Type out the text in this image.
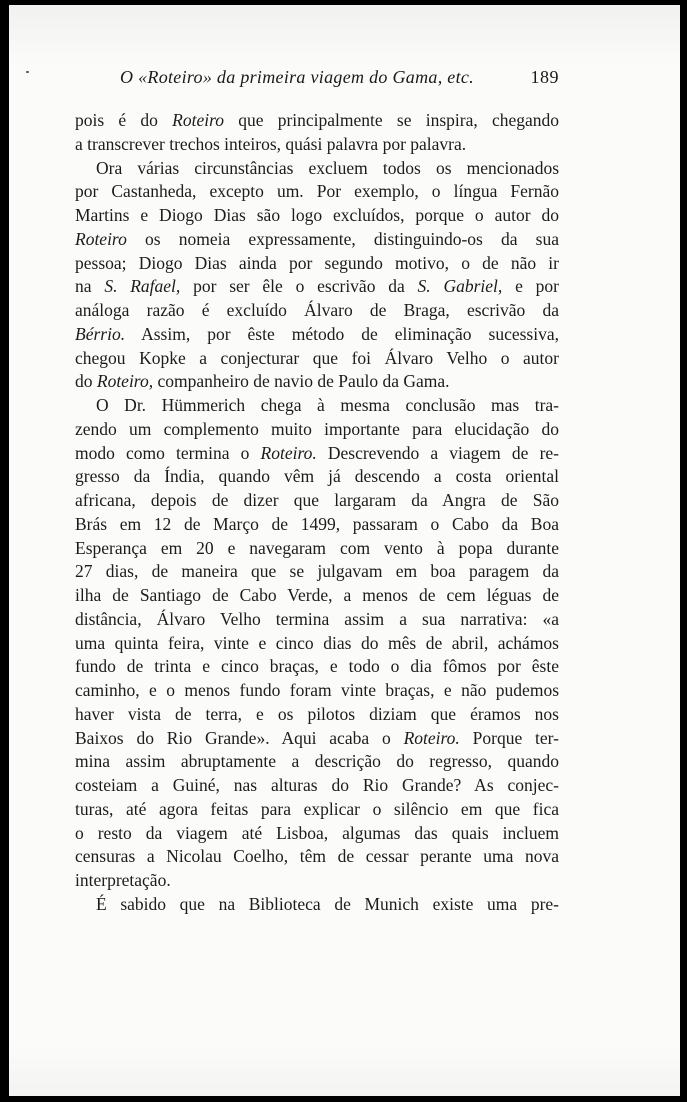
O «Roteiro» da primeira viagem do Gama, etc.	189
pois é do Roteiro que principalmente se inspira, chegando
a transcrever trechos inteiros, quási palavra por palavra.
Ora várias circunstâncias excluem todos os mencionados
por Castanheda, excepto um. Por exemplo, o língua Fernão
Martins e Diogo Dias são logo excluídos, porque o autor do
Roteiro os nomeia expressamente, distinguindo-os da sua
pessoa; Diogo Dias ainda por segundo motivo, o de não ir
na S. Rafael, por ser êle o escrivão da S. Gabriel, e por
análoga razão é excluído Álvaro de Braga, escrivão da
Bérrio. Assim, por êste método de eliminação sucessiva,
chegou Kopke a conjecturar que foi Álvaro Velho o autor
do Roteiro, companheiro de navio de Paulo da Gama.
O Dr. Hümmerich chega à mesma conclusão mas tra-
zendo um complemento muito importante para elucidação do
modo como termina o Roteiro. Descrevendo a viagem de re-
gresso da Índia, quando vêm já descendo a costa oriental
africana, depois de dizer que largaram da Angra de São
Brás em 12 de Março de 1499, passaram o Cabo da Boa
Esperança em 20 e navegaram com vento à popa durante
27 dias, de maneira que se julgavam em boa paragem da
ilha de Santiago de Cabo Verde, a menos de cem léguas de
distância, Álvaro Velho termina assim a sua narrativa: «a
uma quinta feira, vinte e cinco dias do mês de abril, achámos
fundo de trinta e cinco braças, e todo o dia fômos por êste
caminho, e o menos fundo foram vinte braças, e não pudemos
haver vista de terra, e os pilotos diziam que éramos nos
Baixos do Rio Grande». Aqui acaba o Roteiro. Porque ter-
mina assim abruptamente a descrição do regresso, quando
costeiam a Guiné, nas alturas do Rio Grande? As conjec-
turas, até agora feitas para explicar o silêncio em que fica
o resto da viagem até Lisboa, algumas das quais incluem
censuras a Nicolau Coelho, têm de cessar perante uma nova
interpretação.
É sabido que na Biblioteca de Munich existe uma pre-
